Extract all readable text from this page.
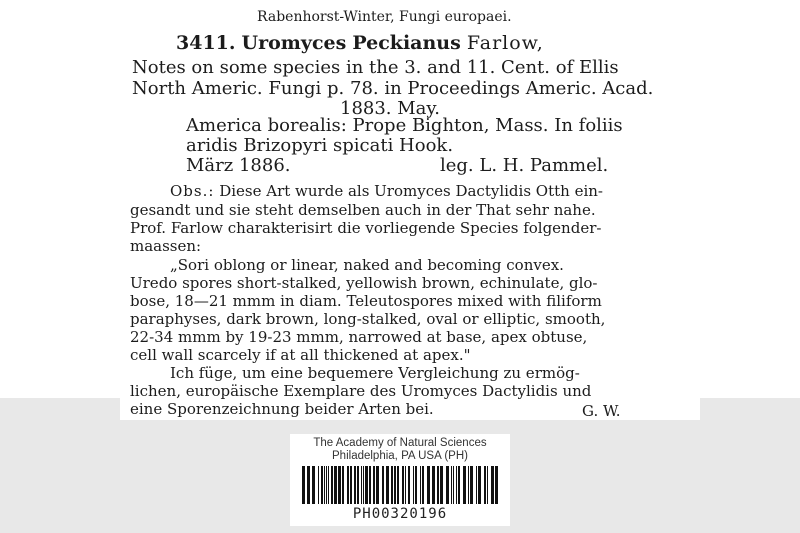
Rabenhorst-Winter, Fungi europaei.
3411. Uromyces Peckianus Farlow,
Notes on some species in the 3. and 11. Cent. of Ellis
North Americ. Fungi p. 78. in Proceedings Americ. Acad.
1883. May.
America borealis: Prope Bighton, Mass. In foliis
aridis Brizopyri spicati Hook.
März 1886.	leg. L. H. Pammel.
Obs.: Diese Art wurde als Uromyces Dactylidis Otth ein-
gesandt und sie steht demselben auch in der That sehr nahe.
Prof. Farlow charakterisirt die vorliegende Species folgender-
maassen:
„Sori oblong or linear, naked and becoming convex.
Uredo spores short-stalked, yellowish brown, echinulate, glo-
bose, 18—21 mmm in diam. Teleutospores mixed with filiform
paraphyses, dark brown, long-stalked, oval or elliptic, smooth,
22-34 mmm by 19-23 mmm, narrowed at base, apex obtuse,
cell wall scarcely if at all thickened at apex."
Ich füge, um eine bequemere Vergleichung zu ermög-
lichen, europäische Exemplare des Uromyces Dactylidis und
eine Sporenzeichnung beider Arten bei.	G. W.
The Academy of Natural Sciences
Philadelphia, PA USA (PH)
PH00320196
